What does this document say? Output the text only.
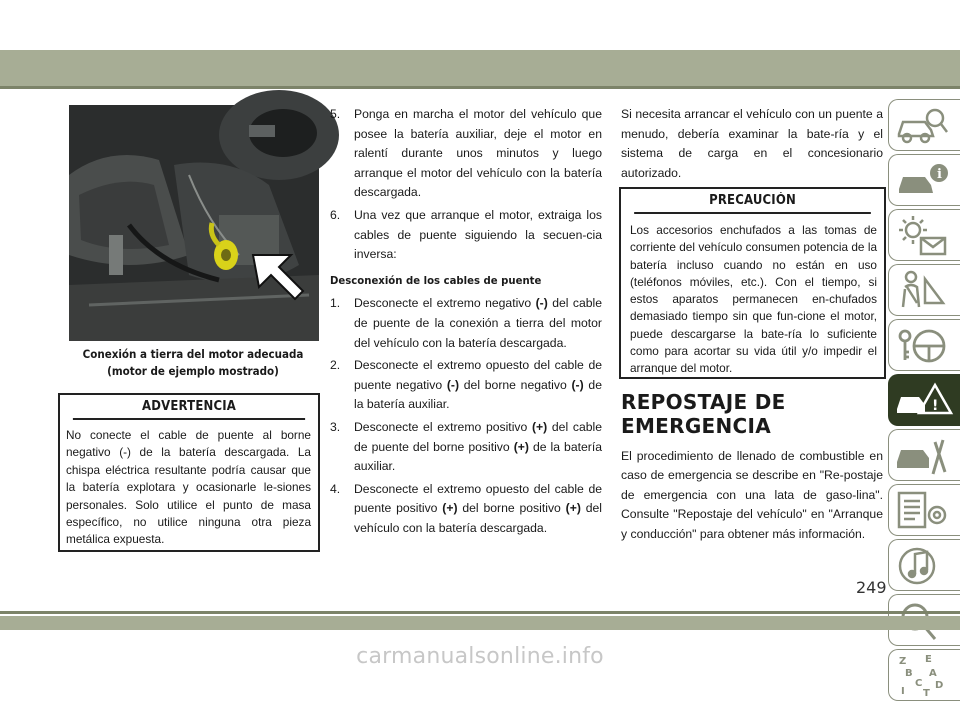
Conexión a tierra del motor adecuada
(motor de ejemplo mostrado)
ADVERTENCIA
No conecte el cable de puente al borne negativo (-) de la batería descargada. La chispa eléctrica resultante podría causar que la batería explotara y ocasionarle le-siones personales. Solo utilice el punto de masa específico, no utilice ninguna otra pieza metálica expuesta.
5. Ponga en marcha el motor del vehículo que posee la batería auxiliar, deje el motor en ralentí durante unos minutos y luego arranque el motor del vehículo con la batería descargada.
6. Una vez que arranque el motor, extraiga los cables de puente siguiendo la secuen-cia inversa:
Desconexión de los cables de puente
1. Desconecte el extremo negativo (-) del cable de puente de la conexión a tierra del motor del vehículo con la batería descargada.
2. Desconecte el extremo opuesto del cable de puente negativo (-) del borne negativo (-) de la batería auxiliar.
3. Desconecte el extremo positivo (+) del cable de puente del borne positivo (+) de la batería auxiliar.
4. Desconecte el extremo opuesto del cable de puente positivo (+) del borne positivo (+) del vehículo con la batería descargada.

Si necesita arrancar el vehículo con un puente a menudo, debería examinar la bate-ría y el sistema de carga en el concesionario autorizado.

PRECAUCIÓN
Los accesorios enchufados a las tomas de corriente del vehículo consumen potencia de la batería incluso cuando no están en uso (teléfonos móviles, etc.). Con el tiempo, si estos aparatos permanecen en-chufados demasiado tiempo sin que fun-cione el motor, puede descargarse la bate-ría lo suficiente como para acortar su vida útil y/o impedir el arranque del motor.
REPOSTAJE DE
EMERGENCIA
El procedimiento de llenado de combustible en caso de emergencia se describe en "Re-postaje de emergencia con una lata de gaso-lina". Consulte "Repostaje del vehículo" en "Arranque y conducción" para obtener más información.
i
!
Z E
B A
C D
I T
249
carmanualsonline.info
